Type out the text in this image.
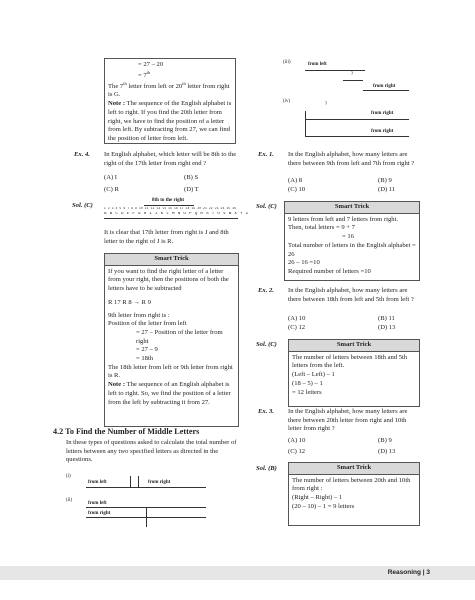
= 27 – 20
= 7th
The 7th letter from left or 20th letter from right is G.
Note : The sequence of the English alphabet is left to right. If you find the 20th letter from right, we have to find the position of a letter from left. By subtracting from 27, we can find the position of letter from left.
Ex. 4. In English alphabet, which letter will be 8th to the right of the 17th letter from right end ?
(A) I	(B) S
(C) R	(D) T
Sol. (C)
8th to the right
1 2 3 4 5 6 7 8 9 10 11 12 13 14 15 16 17 18 19 20 21 22 23 24 25 26
A B C D E F G H I J K L M N O P Q R S T U V W X Y Z
It is clear that 17th letter from right is J and 8th letter to the right of J is R.
Smart Trick
If you want to find the right letter of a letter from your right, then the positions of both the letters have to be subtracted
R 17 R 8 → R 9
9th letter from right is :
Position of the letter from left
= 27 – Position of the letter from right
= 27 – 9
= 18th
The 18th letter from left or 9th letter from right is R.
Note : The sequence of an English alphabet is left to right. So, we find the position of a letter from the left by subtracting it from 27.
4.2 To Find the Number of Middle Letters
In these types of questions asked to calculate the total number of letters between any two specified letters as directed in the questions.
(i)
from left	from right
(ii)
from left
from right
(iii)	from left
?
from right
(iv)
?
from right
from right
Ex. 1. In the English alphabet, how many letters are there between 9th from left and 7th from right ?
(A) 8	(B) 9
(C) 10	(D) 11
Sol. (C)	Smart Trick
9 letters from left and 7 letters from right.
Then, total letters = 9 + 7
= 16
Total number of letters in the English alphabet = 26
26 – 16 =10
Required number of letters =10
Ex. 2. In the English alphabet, how many letters are there between 18th from left and 5th from left ?
(A) 10	(B) 11
(C) 12	(D) 13
Sol. (C)	Smart Trick
The number of letters between 18th and 5th letters from the left.
(Left – Left) – 1
(18 – 5) – 1
= 12 letters
Ex. 3. In the English alphabet, how many letters are there between 20th letter from right and 10th letter from right ?
(A) 10	(B) 9
(C) 12	(D) 13
Sol. (B)	Smart Trick
The number of letters between 20th and 10th from right :
(Right – Right) – 1
(20 – 10) – 1 = 9 letters
Reasoning | 3
